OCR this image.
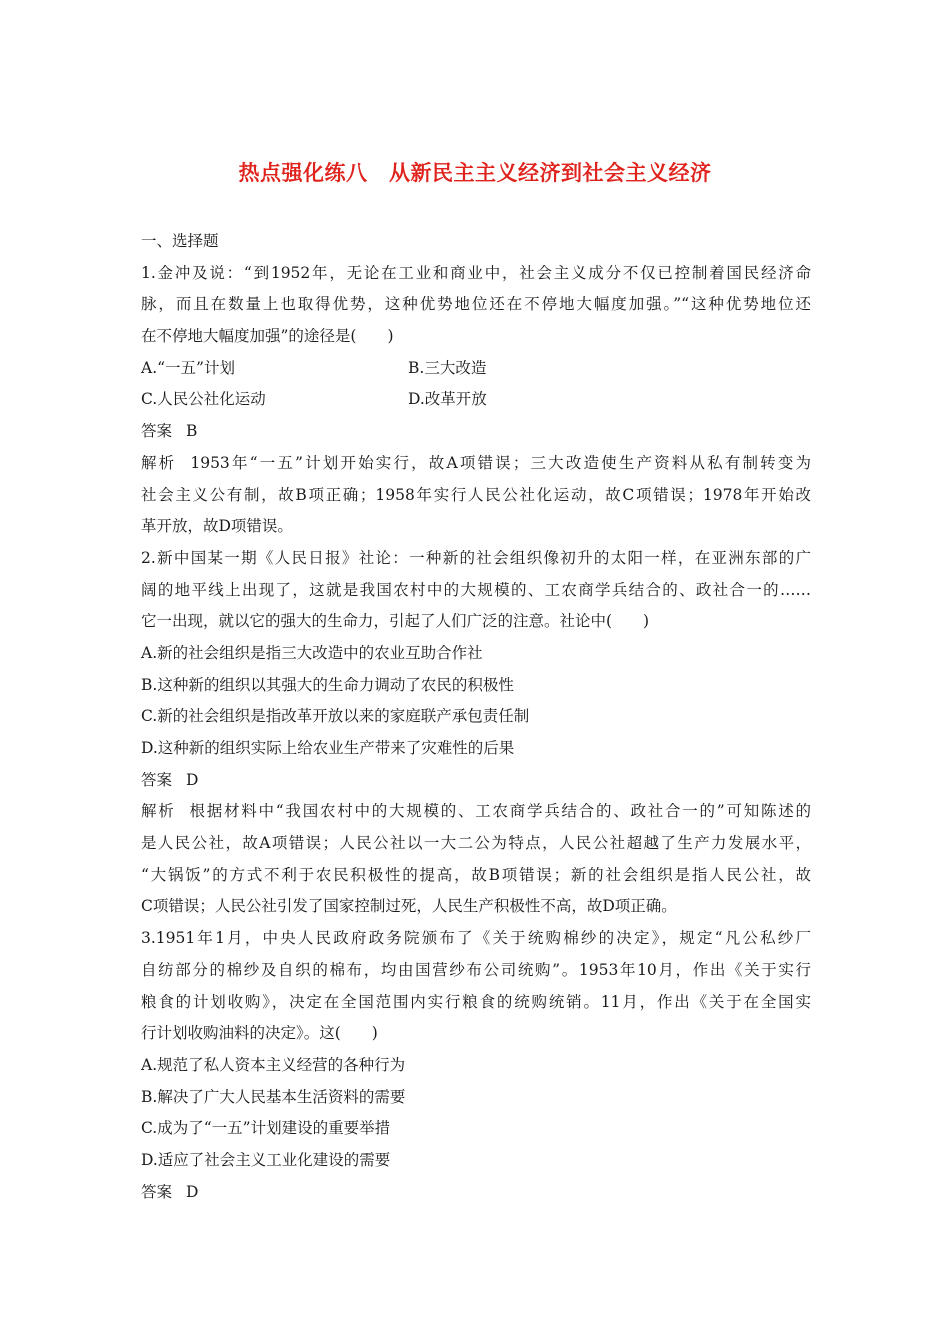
热点强化练八　从新民主主义经济到社会主义经济
一、选择题
1.金冲及说：“到1952年，无论在工业和商业中，社会主义成分不仅已控制着国民经济命
脉，而且在数量上也取得优势，这种优势地位还在不停地大幅度加强。”“这种优势地位还
在不停地大幅度加强”的途径是(　　)
A.“一五”计划	B.三大改造
C.人民公社化运动	D.改革开放
答案 B
解析 1953年“一五”计划开始实行，故A项错误；三大改造使生产资料从私有制转变为
社会主义公有制，故B项正确；1958年实行人民公社化运动，故C项错误；1978年开始改
革开放，故D项错误。
2.新中国某一期《人民日报》社论：一种新的社会组织像初升的太阳一样，在亚洲东部的广
阔的地平线上出现了，这就是我国农村中的大规模的、工农商学兵结合的、政社合一的……
它一出现，就以它的强大的生命力，引起了人们广泛的注意。社论中(　　)
A.新的社会组织是指三大改造中的农业互助合作社
B.这种新的组织以其强大的生命力调动了农民的积极性
C.新的社会组织是指改革开放以来的家庭联产承包责任制
D.这种新的组织实际上给农业生产带来了灾难性的后果
答案 D
解析 根据材料中“我国农村中的大规模的、工农商学兵结合的、政社合一的”可知陈述的
是人民公社，故A项错误；人民公社以一大二公为特点，人民公社超越了生产力发展水平，
“大锅饭”的方式不利于农民积极性的提高，故B项错误；新的社会组织是指人民公社，故
C项错误；人民公社引发了国家控制过死，人民生产积极性不高，故D项正确。
3.1951年1月，中央人民政府政务院颁布了《关于统购棉纱的决定》，规定“凡公私纱厂
自纺部分的棉纱及自织的棉布，均由国营纱布公司统购”。1953年10月，作出《关于实行
粮食的计划收购》，决定在全国范围内实行粮食的统购统销。11月，作出《关于在全国实
行计划收购油料的决定》。这(　　)
A.规范了私人资本主义经营的各种行为
B.解决了广大人民基本生活资料的需要
C.成为了“一五”计划建设的重要举措
D.适应了社会主义工业化建设的需要
答案 D
